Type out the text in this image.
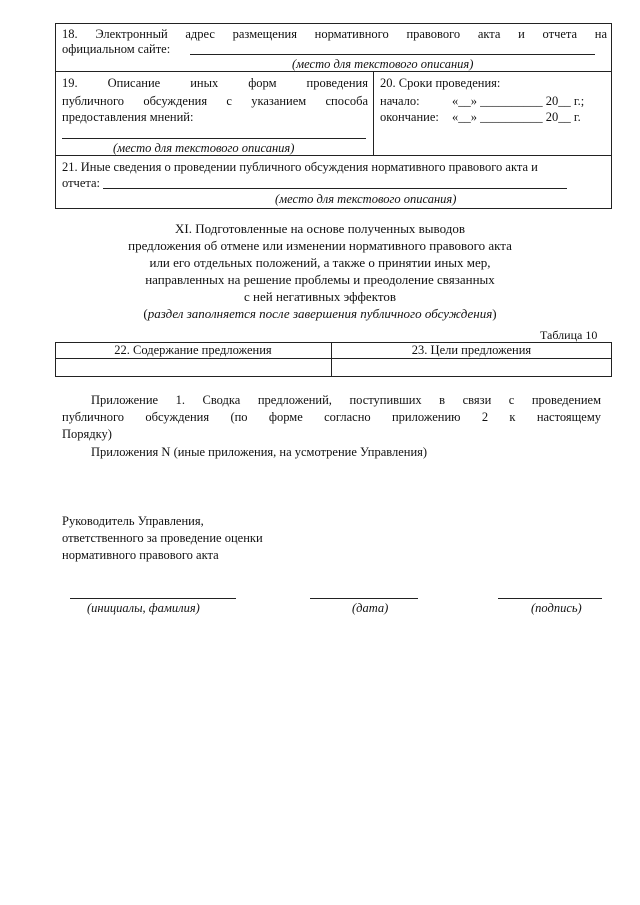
18. Электронный адрес размещения нормативного правового акта и отчета на
официальном сайте:
(место для текстового описания)
19. Описание иных форм проведения
публичного обсуждения с указанием способа
предоставления мнений:
(место для текстового описания)
20. Сроки проведения:
начало:	«__» __________ 20__ г.;
окончание: «__» __________ 20__ г.
21. Иные сведения о проведении публичного обсуждения нормативного правового акта и
отчета:
(место для текстового описания)
XI. Подготовленные на основе полученных выводов
предложения об отмене или изменении нормативного правового акта
или его отдельных положений, а также о принятии иных мер,
направленных на решение проблемы и преодоление связанных
с ней негативных эффектов
(раздел заполняется после завершения публичного обсуждения)
Таблица 10
22. Содержание предложения	23. Цели предложения
Приложение 1. Сводка предложений, поступивших в связи с проведением
публичного обсуждения (по форме согласно приложению 2 к настоящему
Порядку)
Приложения N (иные приложения, на усмотрение Управления)
Руководитель Управления,
ответственного за проведение оценки
нормативного правового акта
(инициалы, фамилия)	(дата)	(подпись)
